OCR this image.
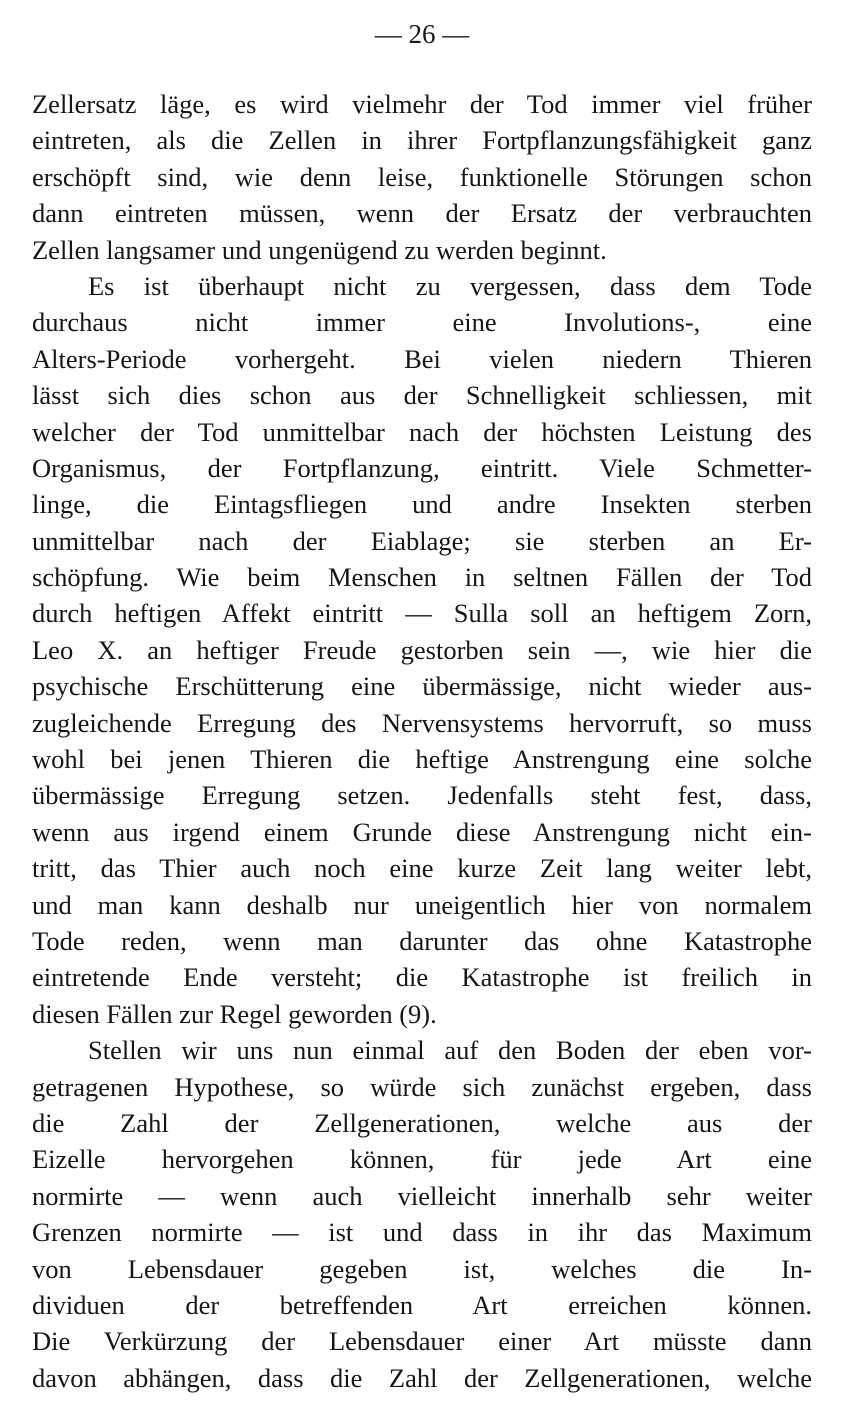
— 26 —
Zellersatz läge, es wird vielmehr der Tod immer viel früher
eintreten, als die Zellen in ihrer Fortpflanzungsfähigkeit ganz
erschöpft sind, wie denn leise, funktionelle Störungen schon
dann eintreten müssen, wenn der Ersatz der verbrauchten
Zellen langsamer und ungenügend zu werden beginnt.
Es ist überhaupt nicht zu vergessen, dass dem Tode
durchaus nicht immer eine Involutions-, eine
Alters-Periode vorhergeht. Bei vielen niedern Thieren
lässt sich dies schon aus der Schnelligkeit schliessen, mit
welcher der Tod unmittelbar nach der höchsten Leistung des
Organismus, der Fortpflanzung, eintritt. Viele Schmetter-
linge, die Eintagsfliegen und andre Insekten sterben
unmittelbar nach der Eiablage; sie sterben an Er-
schöpfung. Wie beim Menschen in seltnen Fällen der Tod
durch heftigen Affekt eintritt — Sulla soll an heftigem Zorn,
Leo X. an heftiger Freude gestorben sein —, wie hier die
psychische Erschütterung eine übermässige, nicht wieder aus-
zugleichende Erregung des Nervensystems hervorruft, so muss
wohl bei jenen Thieren die heftige Anstrengung eine solche
übermässige Erregung setzen. Jedenfalls steht fest, dass,
wenn aus irgend einem Grunde diese Anstrengung nicht ein-
tritt, das Thier auch noch eine kurze Zeit lang weiter lebt,
und man kann deshalb nur uneigentlich hier von normalem
Tode reden, wenn man darunter das ohne Katastrophe
eintretende Ende versteht; die Katastrophe ist freilich in
diesen Fällen zur Regel geworden (9).
Stellen wir uns nun einmal auf den Boden der eben vor-
getragenen Hypothese, so würde sich zunächst ergeben, dass
die Zahl der Zellgenerationen, welche aus der
Eizelle hervorgehen können, für jede Art eine
normirte — wenn auch vielleicht innerhalb sehr weiter
Grenzen normirte — ist und dass in ihr das Maximum
von Lebensdauer gegeben ist, welches die In-
dividuen der betreffenden Art erreichen können.
Die Verkürzung der Lebensdauer einer Art müsste dann
davon abhängen, dass die Zahl der Zellgenerationen, welche
